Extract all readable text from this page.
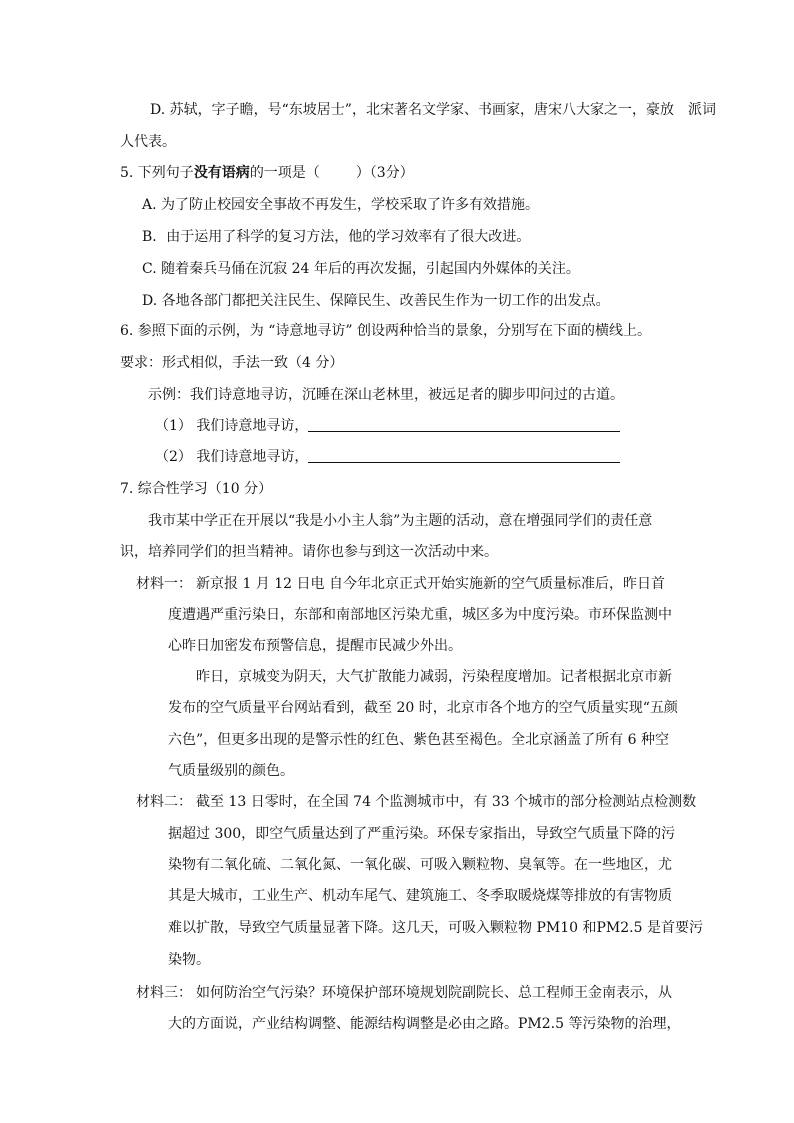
D. 苏轼，字子瞻，号“东坡居士”，北宋著名文学家、书画家，唐宋八大家之一，豪放　派词
人代表。
5. 下列句子没有语病的一项是（	）（3分）
A. 为了防止校园安全事故不再发生，学校采取了许多有效措施。
B．由于运用了科学的复习方法，他的学习效率有了很大改进。
C. 随着秦兵马俑在沉寂 24 年后的再次发掘，引起国内外媒体的关注。
D. 各地各部门都把关注民生、保障民生、改善民生作为一切工作的出发点。
6. 参照下面的示例，为 “诗意地寻访” 创设两种恰当的景象，分别写在下面的横线上。
要求：形式相似，手法一致（4 分）
示例：我们诗意地寻访，沉睡在深山老林里，被远足者的脚步叩问过的古道。
（1） 我们诗意地寻访，
（2） 我们诗意地寻访，
7. 综合性学习（10 分）
我市某中学正在开展以“我是小小主人翁”为主题的活动，意在增强同学们的责任意
识，培养同学们的担当精神。请你也参与到这一次活动中来。
材料一： 新京报 1 月 12 日电 自今年北京正式开始实施新的空气质量标准后，昨日首
度遭遇严重污染日，东部和南部地区污染尤重，城区多为中度污染。市环保监测中
心昨日加密发布预警信息，提醒市民减少外出。
昨日，京城变为阴天，大气扩散能力减弱，污染程度增加。记者根据北京市新
发布的空气质量平台网站看到，截至 20 时，北京市各个地方的空气质量实现“五颜
六色”，但更多出现的是警示性的红色、紫色甚至褐色。全北京涵盖了所有 6 种空
气质量级别的颜色。
材料二： 截至 13 日零时，在全国 74 个监测城市中，有 33 个城市的部分检测站点检测数
据超过 300，即空气质量达到了严重污染。环保专家指出，导致空气质量下降的污
染物有二氧化硫、二氧化氮、一氧化碳、可吸入颗粒物、臭氧等。在一些地区，尤
其是大城市，工业生产、机动车尾气、建筑施工、冬季取暖烧煤等排放的有害物质
难以扩散，导致空气质量显著下降。这几天，可吸入颗粒物 PM10 和PM2.5 是首要污
染物。
材料三： 如何防治空气污染？环境保护部环境规划院副院长、总工程师王金南表示，从
大的方面说，产业结构调整、能源结构调整是必由之路。PM2.5 等污染物的治理，
